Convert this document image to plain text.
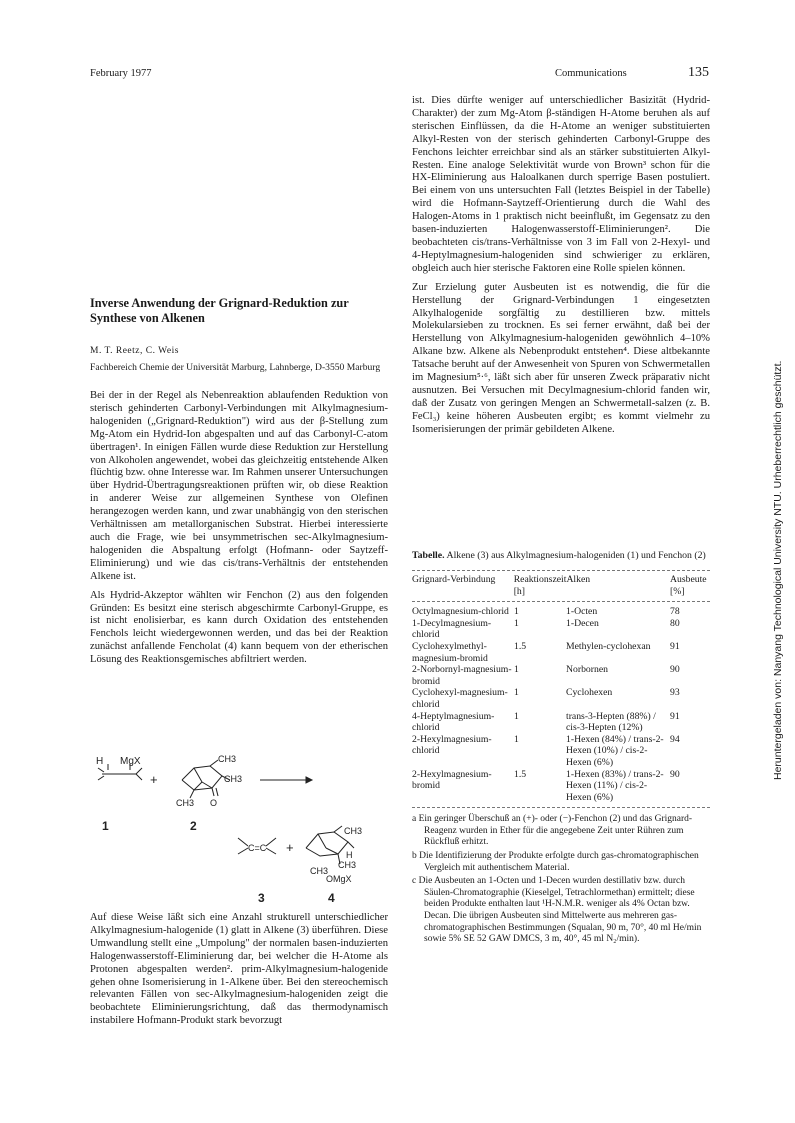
February 1977	Communications	135
Heruntergeladen von: Nanyang Technological University NTU. Urheberrechtlich geschützt.
Inverse Anwendung der Grignard-Reduktion zur Synthese von Alkenen
M. T. Reetz, C. Weis
Fachbereich Chemie der Universität Marburg, Lahnberge, D-3550 Marburg

Bei der in der Regel als Nebenreaktion ablaufenden Reduktion von sterisch gehinderten Carbonyl-Verbindungen mit Alkylmagnesium-halogeniden („Grignard-Reduktion") wird aus der β-Stellung zum Mg-Atom ein Hydrid-Ion abgespalten und auf das Carbonyl-C-atom übertragen¹. In einigen Fällen wurde diese Reduktion zur Herstellung von Alkoholen angewendet, wobei das gleichzeitig entstehende Alken flüchtig bzw. ohne Interesse war. Im Rahmen unserer Untersuchungen über Hydrid-Übertragungsreaktionen prüften wir, ob diese Reaktion in anderer Weise zur allgemeinen Synthese von Olefinen herangezogen werden kann, und zwar unabhängig von den sterischen Verhältnissen am metallorganischen Substrat. Hierbei interessierte auch die Frage, wie bei unsymmetrischen sec-Alkylmagnesium-halogeniden die Abspaltung erfolgt (Hofmann- oder Saytzeff-Eliminierung) und wie das cis/trans-Verhältnis der entstehenden Alkene ist.

Als Hydrid-Akzeptor wählten wir Fenchon (2) aus den folgenden Gründen: Es besitzt eine sterisch abgeschirmte Carbonyl-Gruppe, es ist nicht enolisierbar, es kann durch Oxidation des entstehenden Fenchols leicht wiedergewonnen werden, und das bei der Reaktion zunächst anfallende Fencholat (4) kann bequem von der etherischen Lösung des Reaktionsgemisches abfiltriert werden.

H MgX
+
CH3
CH3
CH3 O
1	2
C=C +
CH3
H
CH3
CH3
OMgX
3	4

Auf diese Weise läßt sich eine Anzahl strukturell unterschiedlicher Alkylmagnesium-halogenide (1) glatt in Alkene (3) überführen. Diese Umwandlung stellt eine „Umpolung" der normalen basen-induzierten Halogenwasserstoff-Eliminierung dar, bei welcher die H-Atome als Protonen abgespalten werden². prim-Alkylmagnesium-halogenide gehen ohne Isomerisierung in 1-Alkene über. Bei den stereochemisch relevanten Fällen von sec-Alkylmagnesium-halogeniden zeigt die beobachtete Eliminierungsrichtung, daß das thermodynamisch instabilere Hofmann-Produkt stark bevorzugt

ist. Dies dürfte weniger auf unterschiedlicher Basizität (Hydrid-Charakter) der zum Mg-Atom β-ständigen H-Atome beruhen als auf sterischen Einflüssen, da die H-Atome an weniger substituierten Alkyl-Resten von der sterisch gehinderten Carbonyl-Gruppe des Fenchons leichter erreichbar sind als an stärker substituierten Alkyl-Resten. Eine analoge Selektivität wurde von Brown³ schon für die HX-Eliminierung aus Haloalkanen durch sperrige Basen postuliert. Bei einem von uns untersuchten Fall (letztes Beispiel in der Tabelle) wird die Hofmann-Saytzeff-Orientierung durch die Wahl des Halogen-Atoms in 1 praktisch nicht beeinflußt, im Gegensatz zu den basen-induzierten Halogenwasserstoff-Eliminierungen². Die beobachteten cis/trans-Verhältnisse von 3 im Fall von 2-Hexyl- und 4-Heptylmagnesium-halogeniden sind schwieriger zu erklären, obgleich auch hier sterische Faktoren eine Rolle spielen können.

Zur Erzielung guter Ausbeuten ist es notwendig, die für die Herstellung der Grignard-Verbindungen 1 eingesetzten Alkylhalogenide sorgfältig zu destillieren bzw. mittels Molekularsieben zu trocknen. Es sei ferner erwähnt, daß bei der Herstellung von Alkylmagnesium-halogeniden gewöhnlich 4–10% Alkane bzw. Alkene als Nebenprodukt entstehen⁴. Diese altbekannte Tatsache beruht auf der Anwesenheit von Spuren von Schwermetallen im Magnesium⁵·⁶, läßt sich aber für unseren Zweck präparativ nicht ausnutzen. Bei Versuchen mit Decylmagnesium-chlorid fanden wir, daß der Zusatz von geringen Mengen an Schwermetall-salzen (z. B. FeCl₃) keine höheren Ausbeuten ergibt; es kommt vielmehr zu Isomerisierungen der primär gebildeten Alkene.

Tabelle. Alkene (3) aus Alkylmagnesium-halogeniden (1) und Fenchon (2)
Grignard-Verbindung	Reaktionszeit [h]	Alken	Ausbeute [%]
Octylmagnesium-chlorid	1	1-Octen	78
1-Decylmagnesium-chlorid	1	1-Decen	80
Cyclohexylmethyl-magnesium-bromid	1.5	Methylen-cyclohexan	91
2-Norbornyl-magnesium-bromid	1	Norbornen	90
Cyclohexyl-magnesium-chlorid	1	Cyclohexen	93
4-Heptylmagnesium-chlorid	1	trans-3-Hepten (88%) / cis-3-Hepten (12%)	91
2-Hexylmagnesium-chlorid	1	1-Hexen (84%) / trans-2-Hexen (10%) / cis-2-Hexen (6%)	94
2-Hexylmagnesium-bromid	1.5	1-Hexen (83%) / trans-2-Hexen (11%) / cis-2-Hexen (6%)	90
a Ein geringer Überschuß an (+)- oder (−)-Fenchon (2) und das Grignard-Reagenz wurden in Ether für die angegebene Zeit unter Rühren zum Rückfluß erhitzt.
b Die Identifizierung der Produkte erfolgte durch gas-chromatographischen Vergleich mit authentischem Material.
c Die Ausbeuten an 1-Octen und 1-Decen wurden destillativ bzw. durch Säulen-Chromatographie (Kieselgel, Tetrachlormethan) ermittelt; diese beiden Produkte enthalten laut ¹H-N.M.R. weniger als 4% Octan bzw. Decan. Die übrigen Ausbeuten sind Mittelwerte aus mehreren gas-chromatographischen Bestimmungen (Squalan, 90 m, 70°, 40 ml He/min sowie 5% SE 52 GAW DMCS, 3 m, 40°, 45 ml N₂/min).
